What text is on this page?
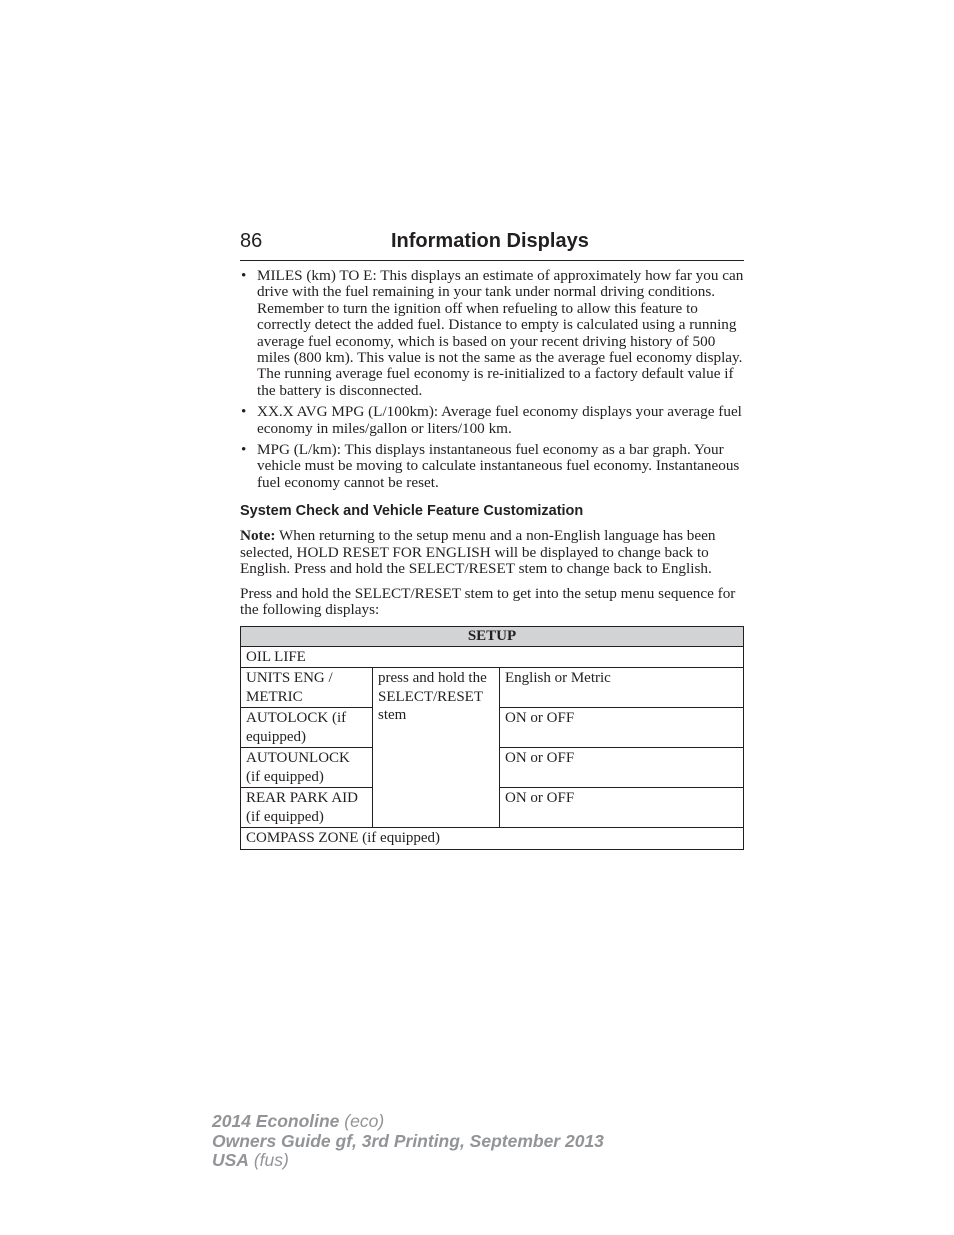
86	Information Displays
• MILES (km) TO E: This displays an estimate of approximately how far you can drive with the fuel remaining in your tank under normal driving conditions. Remember to turn the ignition off when refueling to allow this feature to correctly detect the added fuel. Distance to empty is calculated using a running average fuel economy, which is based on your recent driving history of 500 miles (800 km). This value is not the same as the average fuel economy display. The running average fuel economy is re-initialized to a factory default value if the battery is disconnected.
• XX.X AVG MPG (L/100km): Average fuel economy displays your average fuel economy in miles/gallon or liters/100 km.
• MPG (L/km): This displays instantaneous fuel economy as a bar graph. Your vehicle must be moving to calculate instantaneous fuel economy. Instantaneous fuel economy cannot be reset.
System Check and Vehicle Feature Customization

Note: When returning to the setup menu and a non-English language has been selected, HOLD RESET FOR ENGLISH will be displayed to change back to English. Press and hold the SELECT/RESET stem to change back to English.

Press and hold the SELECT/RESET stem to get into the setup menu sequence for the following displays:

SETUP		
OIL LIFE		
UNITS ENG / METRIC	press and hold the SELECT/RESET stem	English or Metric
AUTOLOCK (if equipped)		ON or OFF
AUTOUNLOCK (if equipped)		ON or OFF
REAR PARK AID (if equipped)		ON or OFF
COMPASS ZONE (if equipped)		
2014 Econoline (eco)
Owners Guide gf, 3rd Printing, September 2013
USA (fus)
